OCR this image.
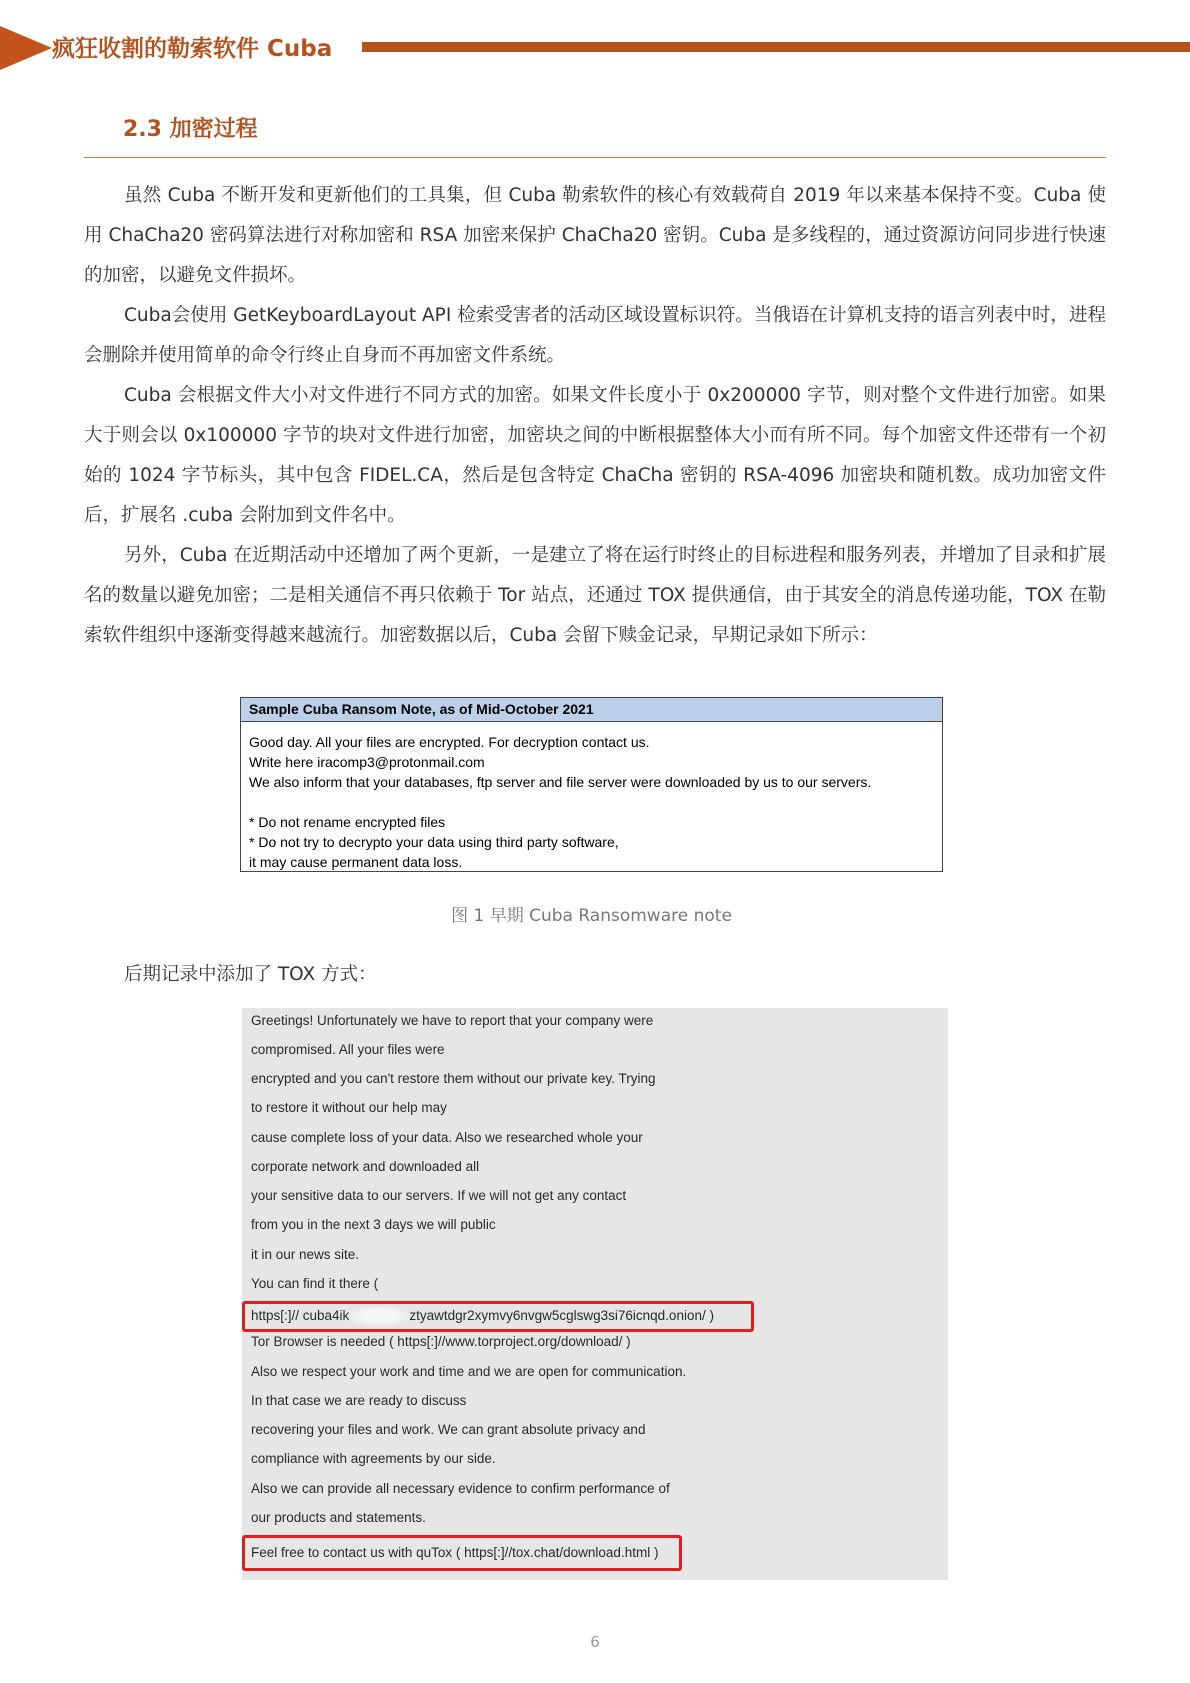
疯狂收割的勒索软件 Cuba
2.3 加密过程

虽然 Cuba 不断开发和更新他们的工具集，但 Cuba 勒索软件的核心有效载荷自 2019 年以来基本保持不变。Cuba 使用 ChaCha20 密码算法进行对称加密和 RSA 加密来保护 ChaCha20 密钥。Cuba 是多线程的，通过资源访问同步进行快速的加密，以避免文件损坏。

Cuba会使用 GetKeyboardLayout API 检索受害者的活动区域设置标识符。当俄语在计算机支持的语言列表中时，进程会删除并使用简单的命令行终止自身而不再加密文件系统。

Cuba 会根据文件大小对文件进行不同方式的加密。如果文件长度小于 0x200000 字节，则对整个文件进行加密。如果大于则会以 0x100000 字节的块对文件进行加密，加密块之间的中断根据整体大小而有所不同。每个加密文件还带有一个初始的 1024 字节标头，其中包含 FIDEL.CA，然后是包含特定 ChaCha 密钥的 RSA-4096 加密块和随机数。成功加密文件后，扩展名 .cuba 会附加到文件名中。

另外，Cuba 在近期活动中还增加了两个更新，一是建立了将在运行时终止的目标进程和服务列表，并增加了目录和扩展名的数量以避免加密；二是相关通信不再只依赖于 Tor 站点，还通过 TOX 提供通信，由于其安全的消息传递功能，TOX 在勒索软件组织中逐渐变得越来越流行。加密数据以后，Cuba 会留下赎金记录，早期记录如下所示：

Sample Cuba Ransom Note, as of Mid-October 2021
Good day. All your files are encrypted. For decryption contact us.
Write here iracomp3@protonmail.com
We also inform that your databases, ftp server and file server were downloaded by us to our servers.
* Do not rename encrypted files
* Do not try to decrypto your data using third party software,
it may cause permanent data loss.
图 1 早期 Cuba Ransomware note
后期记录中添加了 TOX 方式：
Greetings! Unfortunately we have to report that your company were
compromised. All your files were
encrypted and you can't restore them without our private key. Trying
to restore it without our help may
cause complete loss of your data. Also we researched whole your
corporate network and downloaded all
your sensitive data to our servers. If we will not get any contact
from you in the next 3 days we will public
it in our news site.
You can find it there (
https[:]// cuba4ik	ztyawtdgr2xymvy6nvgw5cglswg3si76icnqd.onion/ )
Tor Browser is needed ( https[:]//www.torproject.org/download/ )
Also we respect your work and time and we are open for communication.
In that case we are ready to discuss
recovering your files and work. We can grant absolute privacy and
compliance with agreements by our side.
Also we can provide all necessary evidence to confirm performance of
our products and statements.
Feel free to contact us with quTox ( https[:]//tox.chat/download.html )
6
